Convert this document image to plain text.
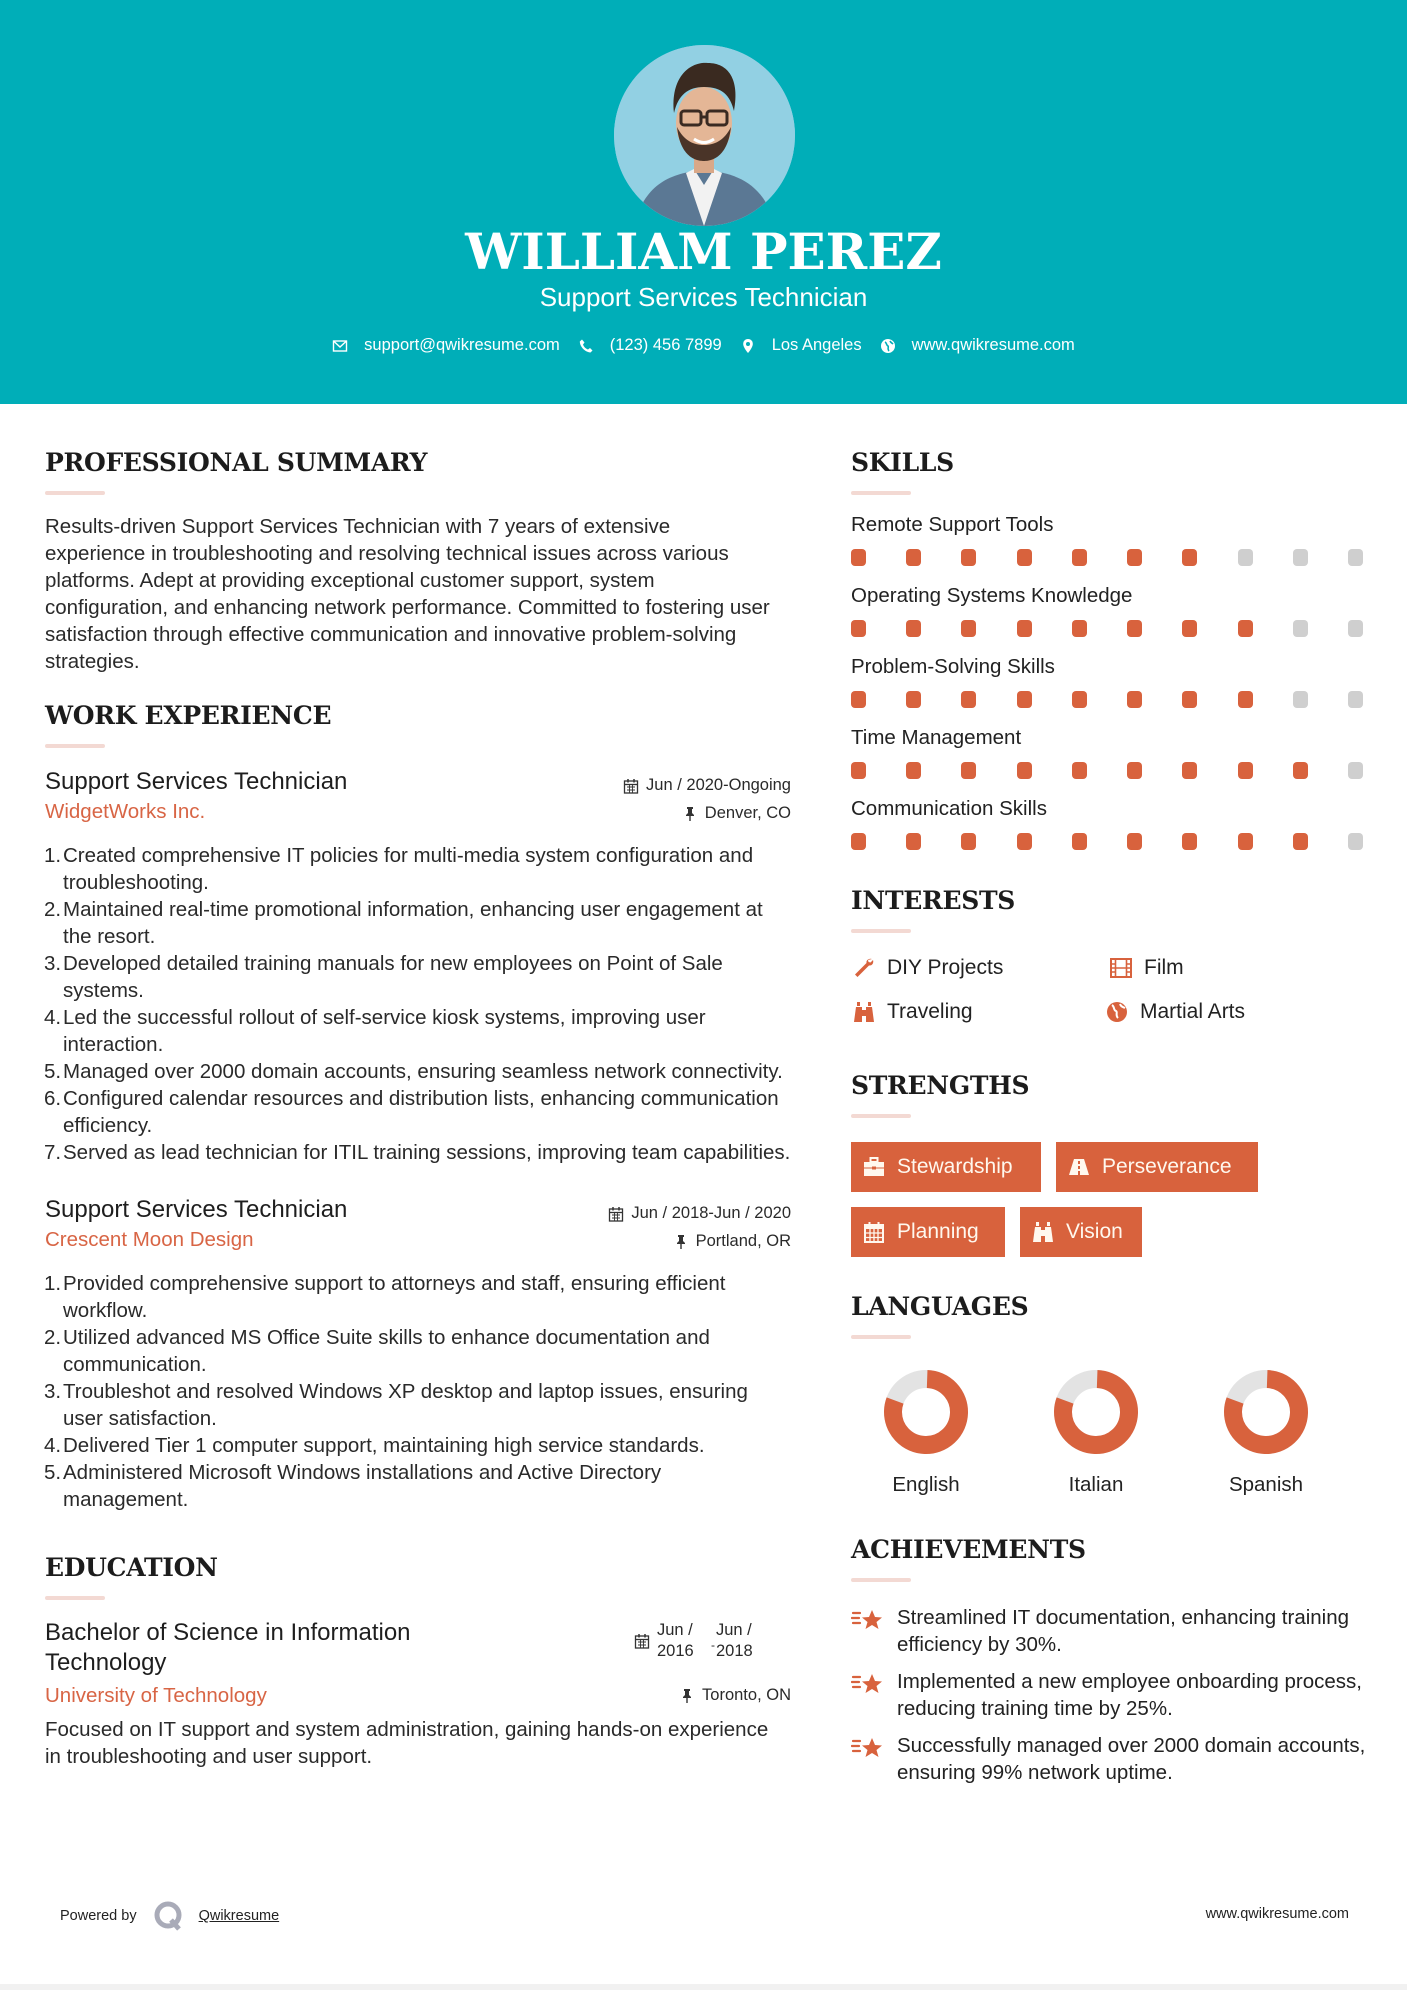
WILLIAM PEREZ
Support Services Technician
support@qwikresume.com	(123) 456 7899	Los Angeles	www.qwikresume.com
PROFESSIONAL SUMMARY

Results-driven Support Services Technician with 7 years of extensive experience in troubleshooting and resolving technical issues across various platforms. Adept at providing exceptional customer support, system configuration, and enhancing network performance. Committed to fostering user satisfaction through effective communication and innovative problem-solving strategies.

WORK EXPERIENCE
Support Services Technician	Jun / 2020-Ongoing
WidgetWorks Inc.	Denver, CO
1. Created comprehensive IT policies for multi-media system configuration and troubleshooting.
2. Maintained real-time promotional information, enhancing user engagement at the resort.
3. Developed detailed training manuals for new employees on Point of Sale systems.
4. Led the successful rollout of self-service kiosk systems, improving user interaction.
5. Managed over 2000 domain accounts, ensuring seamless network connectivity.
6. Configured calendar resources and distribution lists, enhancing communication efficiency.
7. Served as lead technician for ITIL training sessions, improving team capabilities.
Support Services Technician	Jun / 2018-Jun / 2020
Crescent Moon Design	Portland, OR
1. Provided comprehensive support to attorneys and staff, ensuring efficient workflow.
2. Utilized advanced MS Office Suite skills to enhance documentation and communication.
3. Troubleshot and resolved Windows XP desktop and laptop issues, ensuring user satisfaction.
4. Delivered Tier 1 computer support, maintaining high service standards.
5. Administered Microsoft Windows installations and Active Directory management.
EDUCATION
Bachelor of Science in Information Technology
Jun /
2016	-
Jun /
2018
University of Technology	Toronto, ON

Focused on IT support and system administration, gaining hands-on experience in troubleshooting and user support.

SKILLS
Remote Support Tools
Operating Systems Knowledge
Problem-Solving Skills
Time Management
Communication Skills
INTERESTS
DIY Projects	Film
Traveling	Martial Arts
STRENGTHS
Stewardship	Perseverance
Planning	Vision
LANGUAGES
English	Italian	Spanish
ACHIEVEMENTS
Streamlined IT documentation, enhancing training efficiency by 30%.
Implemented a new employee onboarding process, reducing training time by 25%.
Successfully managed over 2000 domain accounts, ensuring 99% network uptime.
Powered by	Qwikresume	www.qwikresume.com
